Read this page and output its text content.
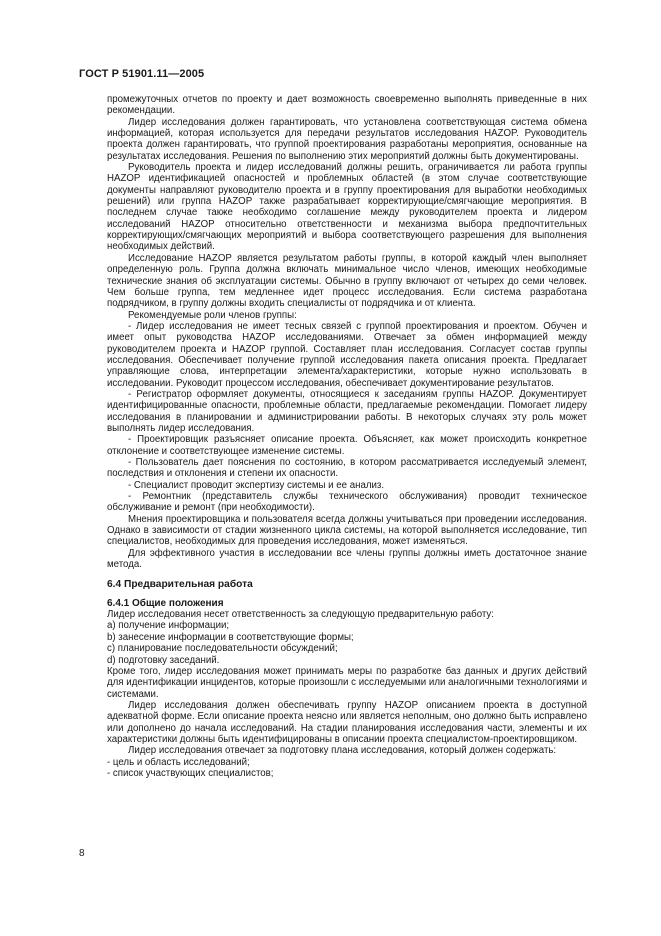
ГОСТ Р 51901.11—2005

промежуточных отчетов по проекту и дает возможность своевременно выполнять приведенные в них рекомендации.

Лидер исследования должен гарантировать, что установлена соответствующая система обмена информацией, которая используется для передачи результатов исследования HAZOP. Руководитель проекта должен гарантировать, что группой проектирования разработаны мероприятия, основанные на результатах исследования. Решения по выполнению этих мероприятий должны быть документированы.

Руководитель проекта и лидер исследований должны решить, ограничивается ли работа группы HAZOP идентификацией опасностей и проблемных областей (в этом случае соответствующие документы направляют руководителю проекта и в группу проектирования для выработки необходимых решений) или группа HAZOP также разрабатывает корректирующие/смягчающие мероприятия. В последнем случае также необходимо соглашение между руководителем проекта и лидером исследований HAZOP относительно ответственности и механизма выбора предпочтительных корректирующих/смягчающих мероприятий и выбора соответствующего разрешения для выполнения необходимых действий.

Исследование HAZOP является результатом работы группы, в которой каждый член выполняет определенную роль. Группа должна включать минимальное число членов, имеющих необходимые технические знания об эксплуатации системы. Обычно в группу включают от четырех до семи человек. Чем больше группа, тем медленнее идет процесс исследования. Если система разработана подрядчиком, в группу должны входить специалисты от подрядчика и от клиента.

Рекомендуемые роли членов группы:

- Лидер исследования не имеет тесных связей с группой проектирования и проектом. Обучен и имеет опыт руководства HAZOP исследованиями. Отвечает за обмен информацией между руководителем проекта и HAZOP группой. Составляет план исследования. Согласует состав группы исследования. Обеспечивает получение группой исследования пакета описания проекта. Предлагает управляющие слова, интерпретации элемента/характеристики, которые нужно использовать в исследовании. Руководит процессом исследования, обеспечивает документирование результатов.

- Регистратор оформляет документы, относящиеся к заседаниям группы HAZOP. Документирует идентифицированные опасности, проблемные области, предлагаемые рекомендации. Помогает лидеру исследования в планировании и администрировании работы. В некоторых случаях эту роль может выполнять лидер исследования.

- Проектировщик разъясняет описание проекта. Объясняет, как может происходить конкретное отклонение и соответствующее изменение системы.

- Пользователь дает пояснения по состоянию, в котором рассматривается исследуемый элемент, последствия и отклонения и степени их опасности.

- Специалист проводит экспертизу системы и ее анализ.

- Ремонтник (представитель службы технического обслуживания) проводит техническое обслуживание и ремонт (при необходимости).

Мнения проектировщика и пользователя всегда должны учитываться при проведении исследования. Однако в зависимости от стадии жизненного цикла системы, на которой выполняется исследование, тип специалистов, необходимых для проведения исследования, может изменяться.

Для эффективного участия в исследовании все члены группы должны иметь достаточное знание метода.

6.4 Предварительная работа

6.4.1 Общие положения

Лидер исследования несет ответственность за следующую предварительную работу:

a) получение информации;

b) занесение информации в соответствующие формы;

c) планирование последовательности обсуждений;

d) подготовку заседаний.

Кроме того, лидер исследования может принимать меры по разработке баз данных и других действий для идентификации инцидентов, которые произошли с исследуемыми или аналогичными технологиями и системами.

Лидер исследования должен обеспечивать группу HAZOP описанием проекта в доступной адекватной форме. Если описание проекта неясно или является неполным, оно должно быть исправлено или дополнено до начала исследований. На стадии планирования исследования части, элементы и их характеристики должны быть идентифицированы в описании проекта специалистом-проектировщиком.

Лидер исследования отвечает за подготовку плана исследования, который должен содержать:

- цель и область исследований;

- список участвующих специалистов;

8
